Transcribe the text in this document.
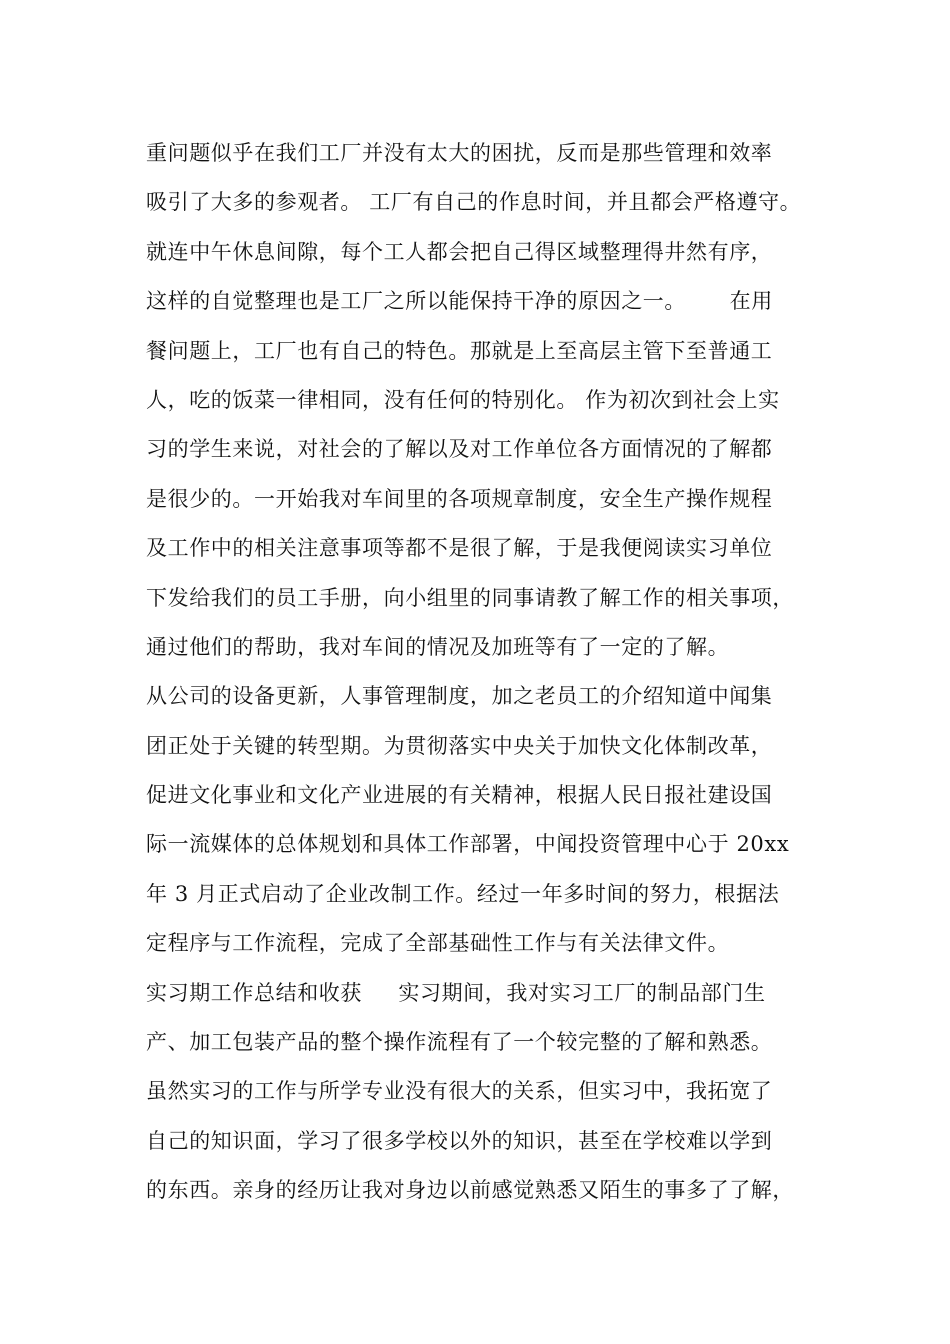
重问题似乎在我们工厂并没有太大的困扰，反而是那些管理和效率
吸引了大多的参观者。 工厂有自己的作息时间，并且都会严格遵守。
就连中午休息间隙，每个工人都会把自己得区域整理得井然有序，
这样的自觉整理也是工厂之所以能保持干净的原因之一。      在用
餐问题上，工厂也有自己的特色。那就是上至高层主管下至普通工
人，吃的饭菜一律相同，没有任何的特别化。 作为初次到社会上实
习的学生来说，对社会的了解以及对工作单位各方面情况的了解都
是很少的。一开始我对车间里的各项规章制度，安全生产操作规程
及工作中的相关注意事项等都不是很了解，于是我便阅读实习单位
下发给我们的员工手册，向小组里的同事请教了解工作的相关事项，
通过他们的帮助，我对车间的情况及加班等有了一定的了解。
从公司的设备更新，人事管理制度，加之老员工的介绍知道中闻集
团正处于关键的转型期。为贯彻落实中央关于加快文化体制改革，
促进文化事业和文化产业进展的有关精神，根据人民日报社建设国
际一流媒体的总体规划和具体工作部署，中闻投资管理中心于 20xx
年 3 月正式启动了企业改制工作。经过一年多时间的努力，根据法
定程序与工作流程，完成了全部基础性工作与有关法律文件。
实习期工作总结和收获     实习期间，我对实习工厂的制品部门生
产、加工包装产品的整个操作流程有了一个较完整的了解和熟悉。
虽然实习的工作与所学专业没有很大的关系，但实习中，我拓宽了
自己的知识面，学习了很多学校以外的知识，甚至在学校难以学到
的东西。亲身的经历让我对身边以前感觉熟悉又陌生的事多了了解，
